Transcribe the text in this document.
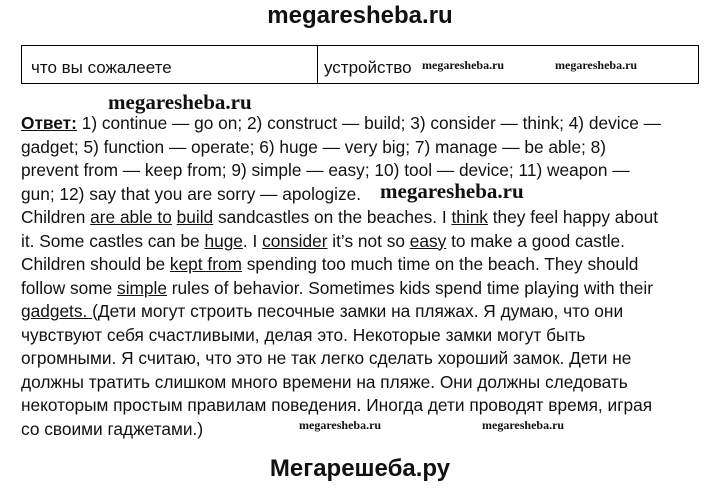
megaresheba.ru
что вы сожалеете	устройство megaresheba.ru	megaresheba.ru
megaresheba.ru
Ответ: 1) continue — go on; 2) construct — build; 3) consider — think; 4) device —
gadget; 5) function — operate; 6) huge — very big; 7) manage — be able; 8)
prevent from — keep from; 9) simple — easy; 10) tool — device; 11) weapon —
gun; 12) say that you are sorry — apologize. megaresheba.ru
Children are able to build sandcastles on the beaches. I think they feel happy about
it. Some castles can be huge. I consider it’s not so easy to make a good castle.
Children should be kept from spending too much time on the beach. They should
follow some simple rules of behavior. Sometimes kids spend time playing with their
gadgets. (Дети могут строить песочные замки на пляжах. Я думаю, что они
чувствуют себя счастливыми, делая это. Некоторые замки могут быть
огромными. Я считаю, что это не так легко сделать хороший замок. Дети не
должны тратить слишком много времени на пляже. Они должны следовать
некоторым простым правилам поведения. Иногда дети проводят время, играя
со своими гаджетами.)	megaresheba.ru	megaresheba.ru
Мегарешеба.ру
